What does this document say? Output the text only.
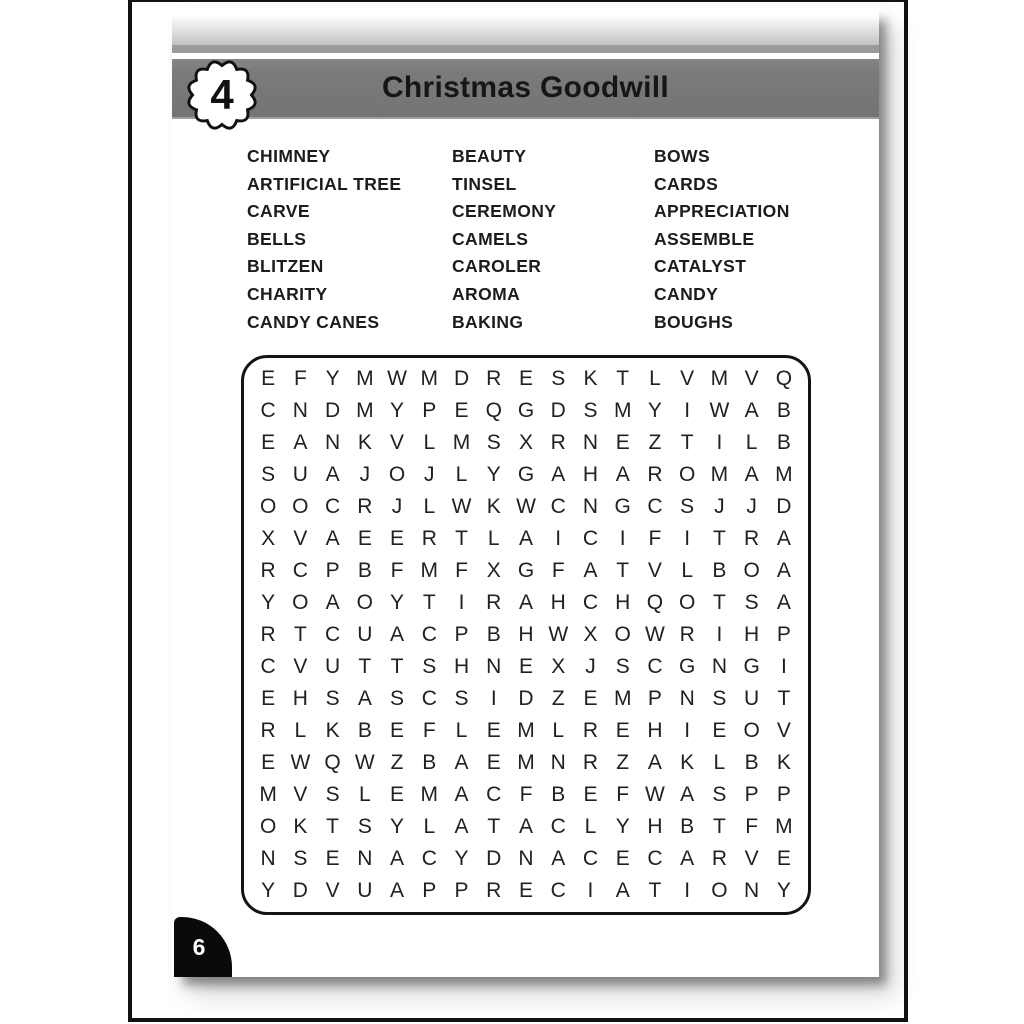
Christmas Goodwill
4
CHIMNEY
ARTIFICIAL TREE
CARVE
BELLS
BLITZEN
CHARITY
CANDY CANES
BEAUTY
TINSEL
CEREMONY
CAMELS
CAROLER
AROMA
BAKING
BOWS
CARDS
APPRECIATION
ASSEMBLE
CATALYST
CANDY
BOUGHS
E F Y M W M D R E S K T L V M V Q
C N D M Y P E Q G D S M Y	I W A B
E A N K V L M S X R N E Z T	I	L B
S U A J O J	L Y G A H A R O M A M
O O C R J	L W K W C N G C S J	J D
X V A E E R T L A	I	C	I	F	I	T R A
R C P B F M F X G F A T V L B O A
Y O A O Y T	I	R A H C H Q O T S A
R T C U A C P B H W X O W R	I	H P
C V U T T S H N E X J S C G N G	I
E H S A S C S	I	D Z E M P N S U T
R L K B E F L E M L R E H	I	E O V
E W Q W Z B A E M N R Z A K L B K
M V S L E M A C F B E F W A S P P
O K T S Y L A T A C L Y H B T F M
N S E N A C Y D N A C E C A R V E
Y D V U A P P R E C	I	A T	I	O N Y
6
